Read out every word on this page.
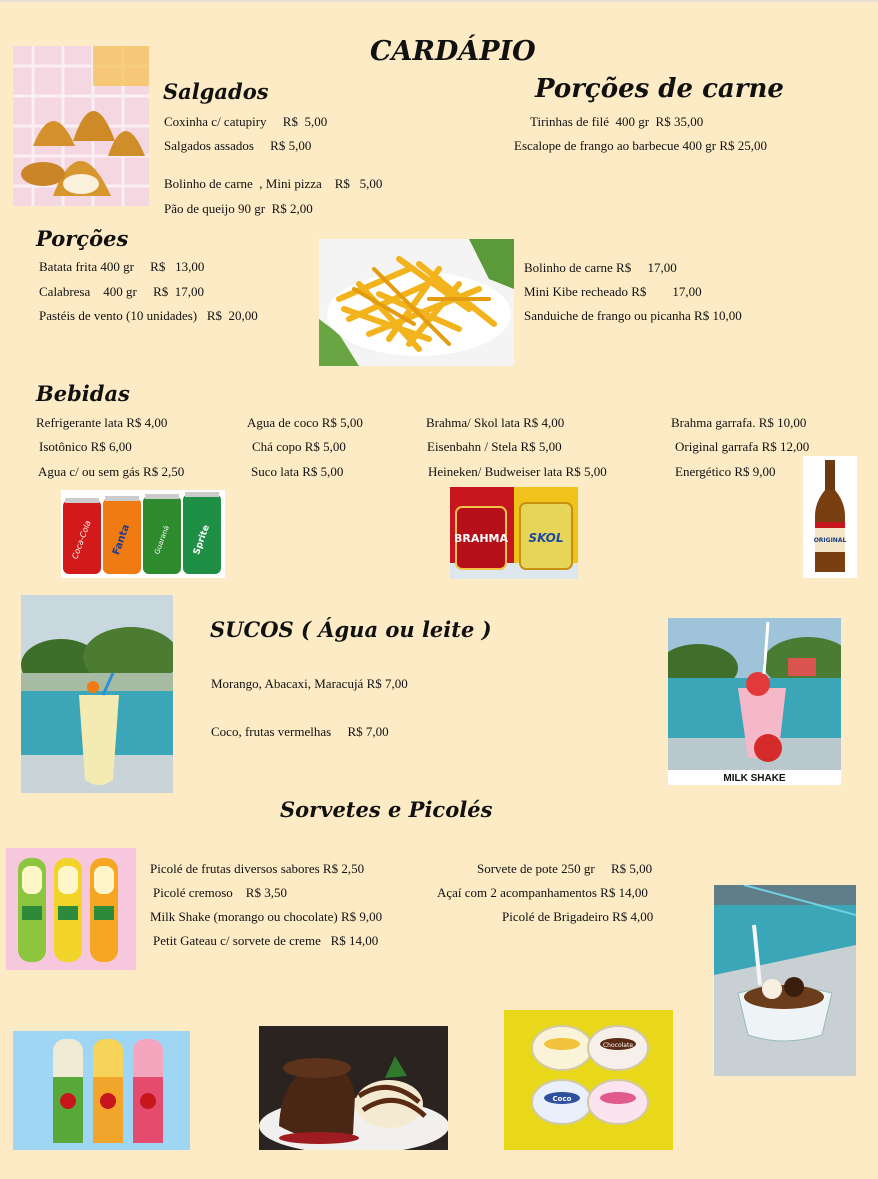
CARDÁPIO
Salgados
Coxinha c/ catupiry     R$  5,00
Salgados assados     R$ 5,00
Bolinho de carne  , Mini pizza    R$   5,00
Pão de queijo 90 gr  R$ 2,00
Porções de carne
Tirinhas de filé  400 gr  R$ 35,00
Escalope de frango ao barbecue 400 gr R$ 25,00
Porções
Batata frita 400 gr     R$   13,00
Calabresa    400 gr     R$  17,00
Pastéis de vento (10 unidades)   R$  20,00
Bolinho de carne R$     17,00
Mini Kibe recheado R$        17,00
Sanduiche de frango ou picanha R$ 10,00
Bebidas
Refrigerante lata R$ 4,00
Isotônico R$ 6,00
Agua c/ ou sem gás R$ 2,50
Agua de coco R$ 5,00
Chá copo R$ 5,00
Suco lata R$ 5,00
Brahma/ Skol lata R$ 4,00
Eisenbahn / Stela R$ 5,00
Heineken/ Budweiser lata R$ 5,00
Brahma garrafa. R$ 10,00
Original garrafa R$ 12,00
Energético R$ 9,00
Coca-Cola Fanta	Guaraná Sprite	BRAHMA SKOL	ORIGINAL
SUCOS ( Água ou leite )
Morango, Abacaxi, Maracujá R$ 7,00
Coco, frutas vermelhas     R$ 7,00
MILK SHAKE
Sorvetes e Picolés
Picolé de frutas diversos sabores R$ 2,50
Picolé cremoso    R$ 3,50
Milk Shake (morango ou chocolate) R$ 9,00
Petit Gateau c/ sorvete de creme   R$ 14,00
Sorvete de pote 250 gr     R$ 5,00
Açaí com 2 acompanhamentos R$ 14,00
Picolé de Brigadeiro R$ 4,00
Chocolate
Coco
